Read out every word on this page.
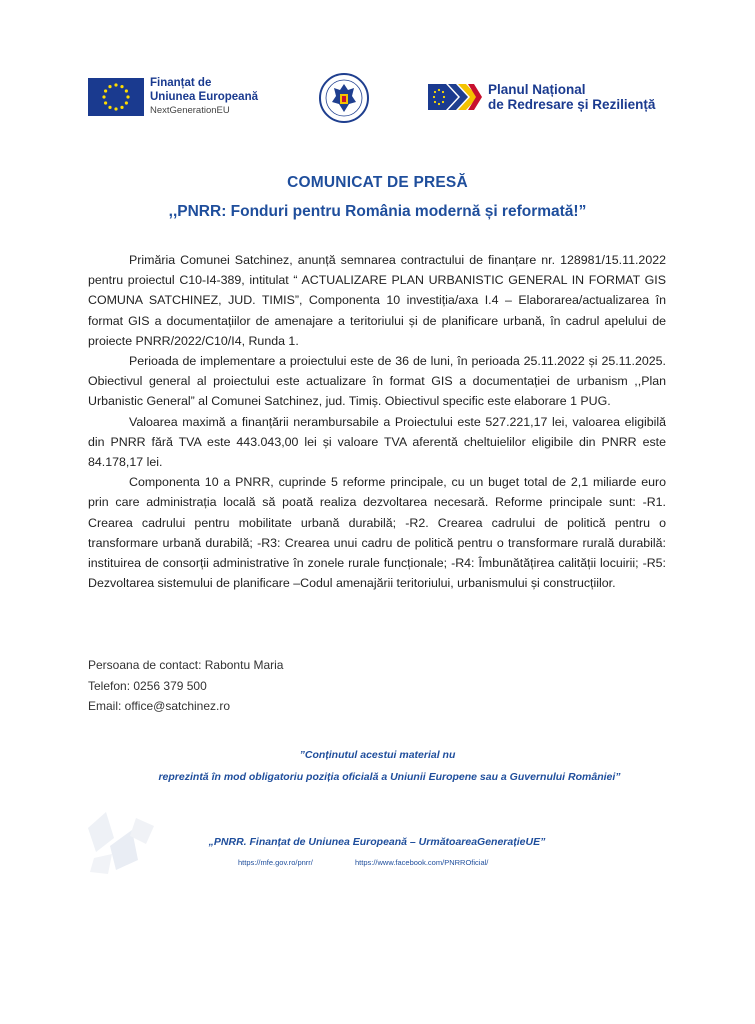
Finanțat de
Uniunea Europeană
NextGenerationEU
Planul Național
de Redresare și Reziliență
COMUNICAT DE PRESĂ
,,PNRR: Fonduri pentru România modernă și reformată!”

Primăria Comunei Satchinez, anunță semnarea contractului de finanțare nr. 128981/15.11.2022 pentru proiectul C10-I4-389, intitulat “ ACTUALIZARE PLAN URBANISTIC GENERAL IN FORMAT GIS COMUNA SATCHINEZ, JUD. TIMIS”, Componenta 10 investiția/axa I.4 – Elaborarea/actualizarea în format GIS a documentațiilor de amenajare a teritoriului și de planificare urbană, în cadrul apelului de proiecte PNRR/2022/C10/I4, Runda 1.

Perioada de implementare a proiectului este de 36 de luni, în perioada 25.11.2022 și 25.11.2025. Obiectivul general al proiectului este actualizare în format GIS a documentației de urbanism ,,Plan Urbanistic General” al Comunei Satchinez, jud. Timiș. Obiectivul specific este elaborare 1 PUG.

Valoarea maximă a finanțării nerambursabile a Proiectului este 527.221,17 lei, valoarea eligibilă din PNRR fără TVA este 443.043,00 lei și valoare TVA aferentă cheltuielilor eligibile din PNRR este 84.178,17 lei.

Componenta 10 a PNRR, cuprinde 5 reforme principale, cu un buget total de 2,1 miliarde euro prin care administrația locală să poată realiza dezvoltarea necesară. Reforme principale sunt: -R1. Crearea cadrului pentru mobilitate urbană durabilă; -R2. Crearea cadrului de politică pentru o transformare urbană durabilă; -R3: Crearea unui cadru de politică pentru o transformare rurală durabilă: instituirea de consorții administrative în zonele rurale funcționale; -R4: Îmbunătățirea calității locuirii; -R5: Dezvoltarea sistemului de planificare –Codul amenajării teritoriului, urbanismului și construcțiilor.

Persoana de contact: Rabontu Maria
Telefon: 0256 379 500
Email: office@satchinez.ro
”Conținutul acestui material nu
reprezintă în mod obligatoriu poziția oficială a Uniunii Europene sau a Guvernului României”
„PNRR. Finanțat de Uniunea Europeană – UrmătoareaGenerațieUE”
https://mfe.gov.ro/pnrr/	https://www.facebook.com/PNRROficial/
